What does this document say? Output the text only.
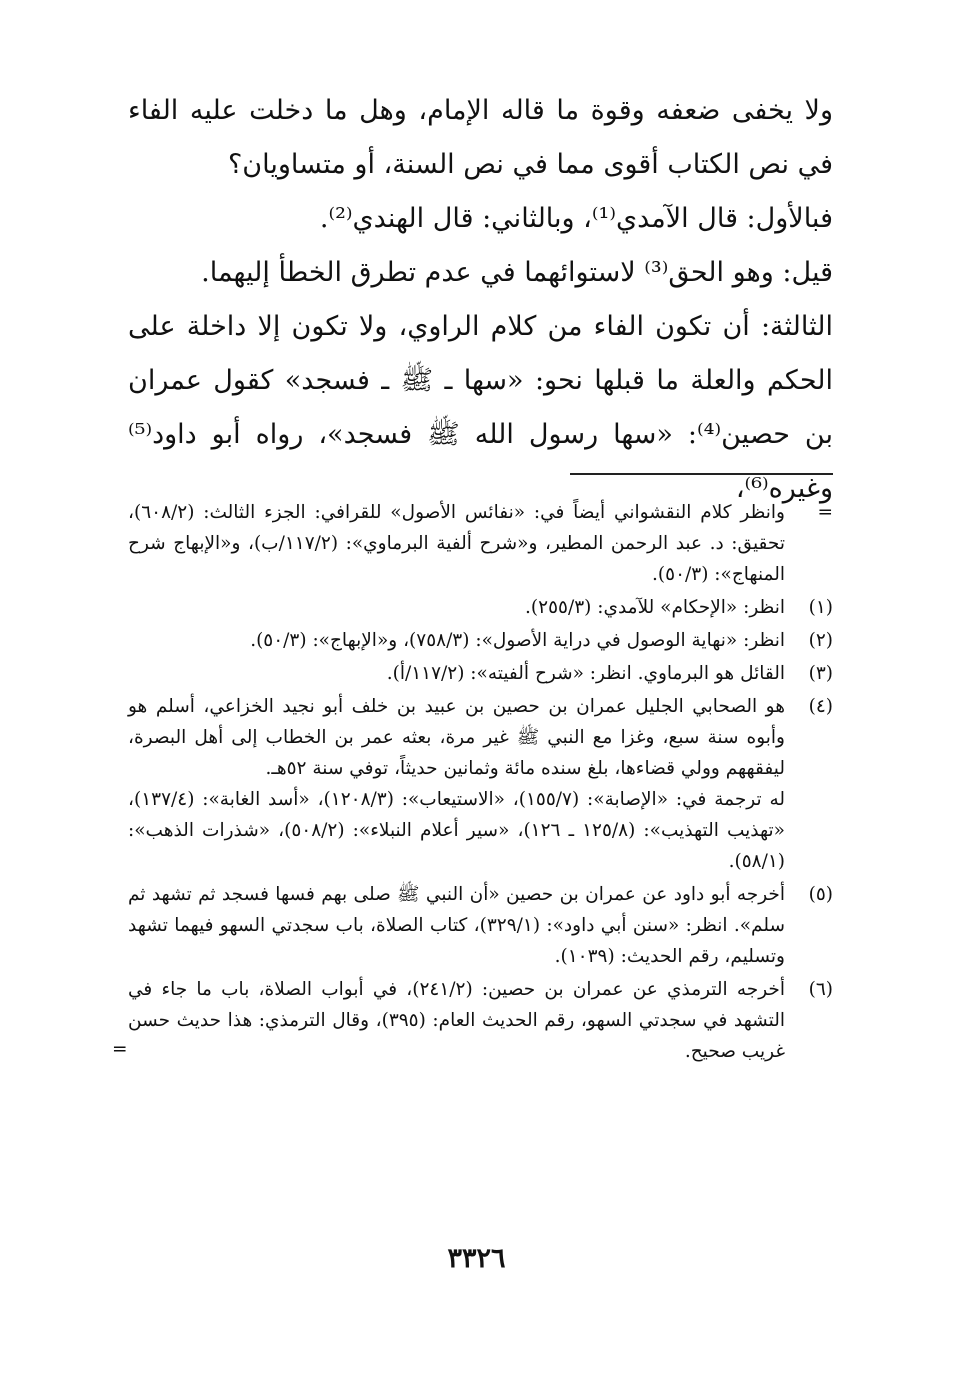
ولا يخفى ضعفه وقوة ما قاله الإمام، وهل ما دخلت عليه الفاء في نص الكتاب أقوى مما في نص السنة، أو متساويان؟

فبالأول: قال الآمدي⁽¹⁾، وبالثاني: قال الهندي⁽²⁾.

قيل: وهو الحق⁽³⁾ لاستوائهما في عدم تطرق الخطأ إليهما.

الثالثة: أن تكون الفاء من كلام الراوي، ولا تكون إلا داخلة على الحكم والعلة ما قبلها نحو: «سها ـ ﷺ ـ فسجد» كقول عمران بن حصين⁽⁴⁾: «سها رسول الله ﷺ فسجد»، رواه أبو داود⁽⁵⁾ وغيره⁽⁶⁾،

=

وانظر كلام النقشواني أيضاً في: «نفائس الأصول» للقرافي: الجزء الثالث: (٦٠٨/٢)، تحقيق: د. عبد الرحمن المطير، و«شرح ألفية البرماوي»: (١١٧/٢/ب)، و«الإبهاج شرح المنهاج»: (٥٠/٣).

(١)

انظر: «الإحكام» للآمدي: (٢٥٥/٣).

(٢)

انظر: «نهاية الوصول في دراية الأصول»: (٧٥٨/٣)، و«الإبهاج»: (٥٠/٣).

(٣)

القائل هو البرماوي. انظر: «شرح ألفيته»: (١١٧/٢/أ).

(٤)

هو الصحابي الجليل عمران بن حصين بن عبيد بن خلف أبو نجيد الخزاعي، أسلم هو وأبوه سنة سبع، وغزا مع النبي ﷺ غير مرة، بعثه عمر بن الخطاب إلى أهل البصرة، ليفقههم وولي قضاءها، بلغ سنده مائة وثمانين حديثاً، توفي سنة ٥٢هـ.

له ترجمة في: «الإصابة»: (١٥٥/٧)، «الاستيعاب»: (١٢٠٨/٣)، «أسد الغابة»: (١٣٧/٤)، «تهذيب التهذيب»: (١٢٥/٨ ـ ١٢٦)، «سير أعلام النبلاء»: (٥٠٨/٢)، «شذرات الذهب»: (٥٨/١).

(٥)

أخرجه أبو داود عن عمران بن حصين «أن النبي ﷺ صلى بهم فسها فسجد ثم تشهد ثم سلم». انظر: «سنن أبي داود»: (٣٢٩/١)، كتاب الصلاة، باب سجدتي السهو فيهما تشهد وتسليم، رقم الحديث: (١٠٣٩).

(٦)

أخرجه الترمذي عن عمران بن حصين: (٢٤١/٢)، في أبواب الصلاة، باب ما جاء في التشهد في سجدتي السهو، رقم الحديث العام: (٣٩٥)، وقال الترمذي: هذا حديث حسن غريب صحيح.

=
٣٣٢٦
